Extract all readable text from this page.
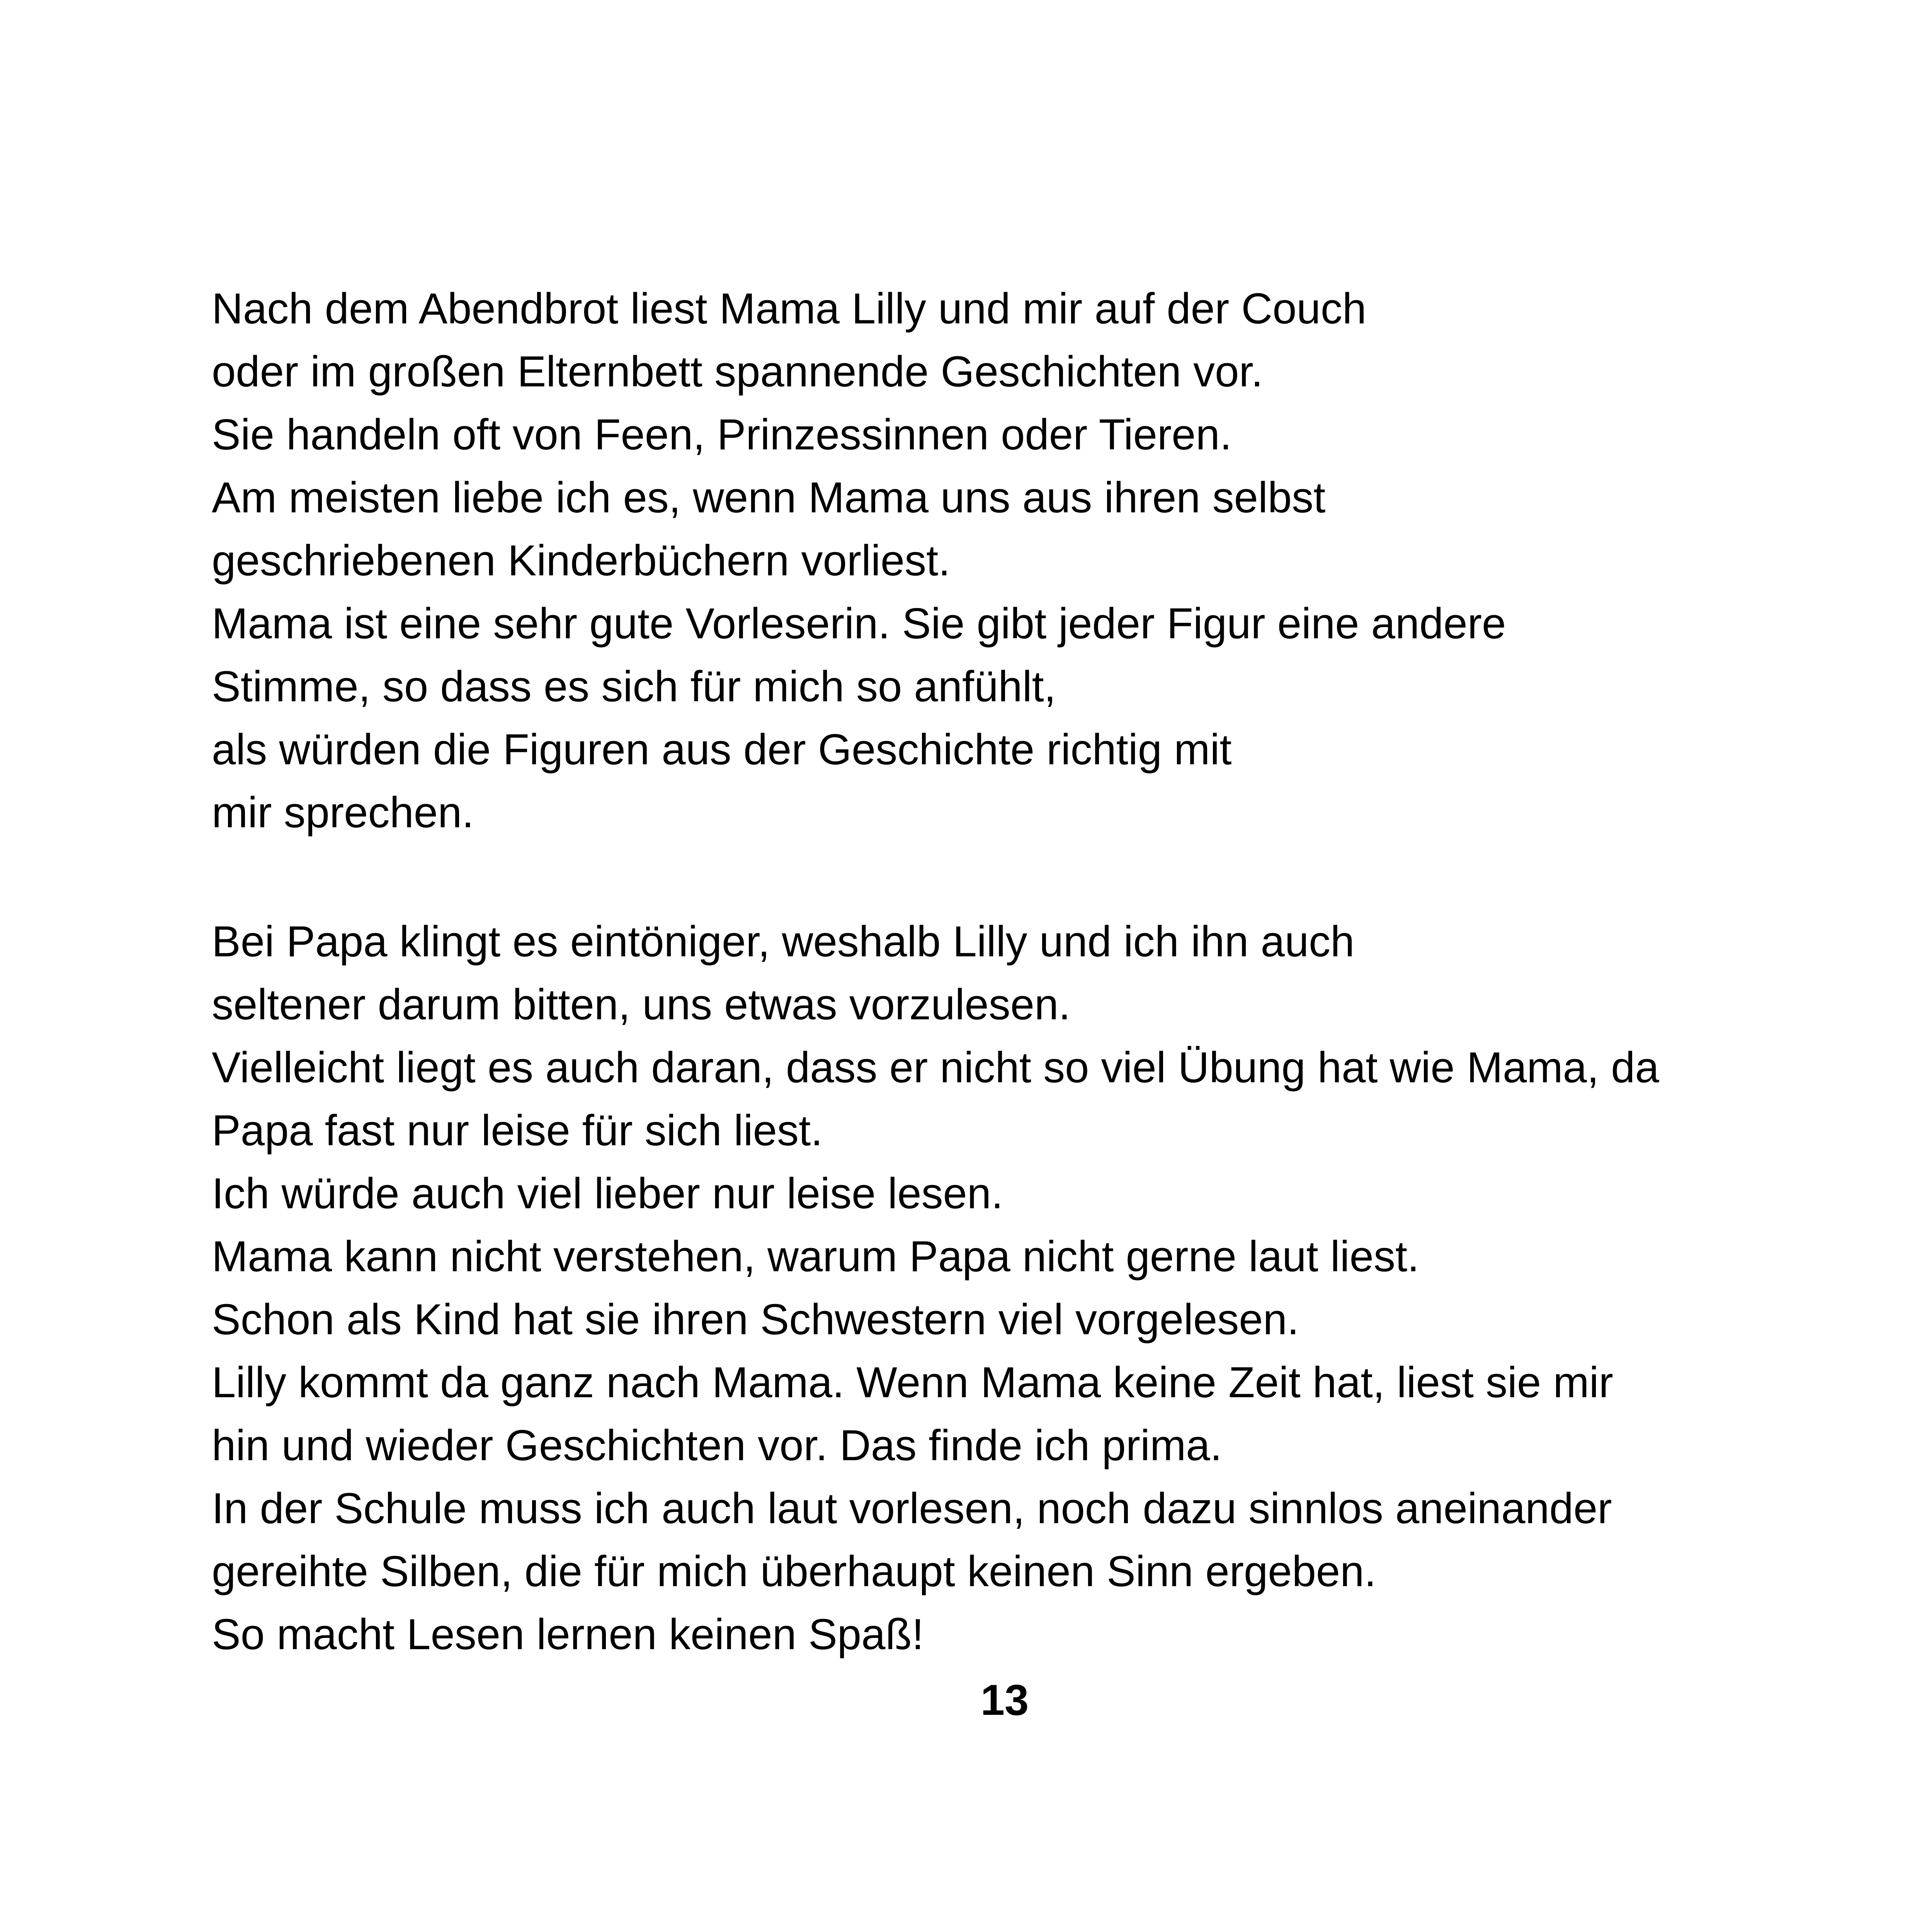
Nach dem Abendbrot liest Mama Lilly und mir auf der Couch
oder im großen Elternbett spannende Geschichten vor.
Sie handeln oft von Feen, Prinzessinnen oder Tieren.
Am meisten liebe ich es, wenn Mama uns aus ihren selbst
geschriebenen Kinderbüchern vorliest.
Mama ist eine sehr gute Vorleserin. Sie gibt jeder Figur eine andere
Stimme, so dass es sich für mich so anfühlt,
als würden die Figuren aus der Geschichte richtig mit
mir sprechen.
Bei Papa klingt es eintöniger, weshalb Lilly und ich ihn auch
seltener darum bitten, uns etwas vorzulesen.
Vielleicht liegt es auch daran, dass er nicht so viel Übung hat wie Mama, da
Papa fast nur leise für sich liest.
Ich würde auch viel lieber nur leise lesen.
Mama kann nicht verstehen, warum Papa nicht gerne laut liest.
Schon als Kind hat sie ihren Schwestern viel vorgelesen.
Lilly kommt da ganz nach Mama. Wenn Mama keine Zeit hat, liest sie mir
hin und wieder Geschichten vor. Das finde ich prima.
In der Schule muss ich auch laut vorlesen, noch dazu sinnlos aneinander
gereihte Silben, die für mich überhaupt keinen Sinn ergeben.
So macht Lesen lernen keinen Spaß!
13
